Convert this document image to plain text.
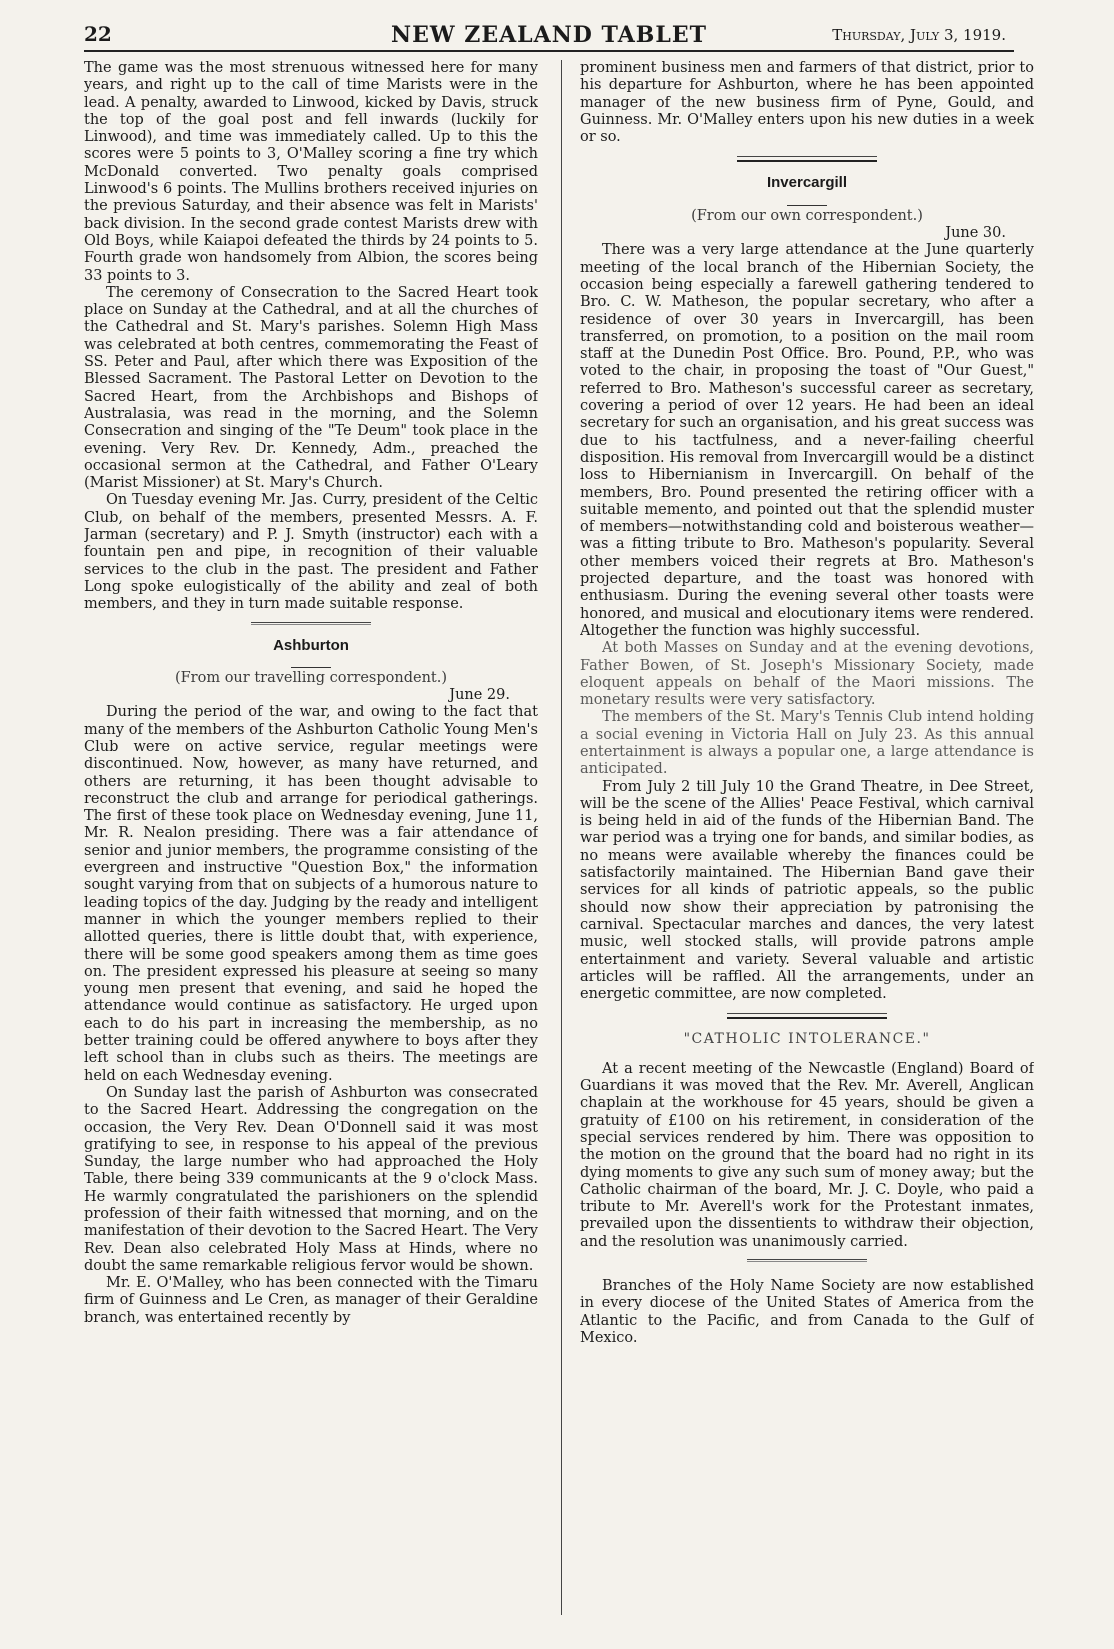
22	NEW ZEALAND TABLET	Thursday, July 3, 1919.

The game was the most strenuous witnessed here for many years, and right up to the call of time Marists were in the lead. A penalty, awarded to Linwood, kicked by Davis, struck the top of the goal post and fell inwards (luckily for Linwood), and time was immediately called. Up to this the scores were 5 points to 3, O'Malley scoring a fine try which McDonald converted. Two penalty goals comprised Linwood's 6 points. The Mullins brothers received injuries on the previous Saturday, and their absence was felt in Marists' back division. In the second grade contest Marists drew with Old Boys, while Kaiapoi defeated the thirds by 24 points to 5. Fourth grade won handsomely from Albion, the scores being 33 points to 3.

The ceremony of Consecration to the Sacred Heart took place on Sunday at the Cathedral, and at all the churches of the Cathedral and St. Mary's parishes. Solemn High Mass was celebrated at both centres, commemorating the Feast of SS. Peter and Paul, after which there was Exposition of the Blessed Sacrament. The Pastoral Letter on Devotion to the Sacred Heart, from the Archbishops and Bishops of Australasia, was read in the morning, and the Solemn Consecration and singing of the "Te Deum" took place in the evening. Very Rev. Dr. Kennedy, Adm., preached the occasional sermon at the Cathedral, and Father O'Leary (Marist Missioner) at St. Mary's Church.

On Tuesday evening Mr. Jas. Curry, president of the Celtic Club, on behalf of the members, presented Messrs. A. F. Jarman (secretary) and P. J. Smyth (instructor) each with a fountain pen and pipe, in recognition of their valuable services to the club in the past. The president and Father Long spoke eulogistically of the ability and zeal of both members, and they in turn made suitable response.

Ashburton
(From our travelling correspondent.)
June 29.

During the period of the war, and owing to the fact that many of the members of the Ashburton Catholic Young Men's Club were on active service, regular meetings were discontinued. Now, however, as many have returned, and others are returning, it has been thought advisable to reconstruct the club and arrange for periodical gatherings. The first of these took place on Wednesday evening, June 11, Mr. R. Nealon presiding. There was a fair attendance of senior and junior members, the programme consisting of the evergreen and instructive "Question Box," the information sought varying from that on subjects of a humorous nature to leading topics of the day. Judging by the ready and intelligent manner in which the younger members replied to their allotted queries, there is little doubt that, with experience, there will be some good speakers among them as time goes on. The president expressed his pleasure at seeing so many young men present that evening, and said he hoped the attendance would continue as satisfactory. He urged upon each to do his part in increasing the membership, as no better training could be offered anywhere to boys after they left school than in clubs such as theirs. The meetings are held on each Wednesday evening.

On Sunday last the parish of Ashburton was consecrated to the Sacred Heart. Addressing the congregation on the occasion, the Very Rev. Dean O'Donnell said it was most gratifying to see, in response to his appeal of the previous Sunday, the large number who had approached the Holy Table, there being 339 communicants at the 9 o'clock Mass. He warmly congratulated the parishioners on the splendid profession of their faith witnessed that morning, and on the manifestation of their devotion to the Sacred Heart. The Very Rev. Dean also celebrated Holy Mass at Hinds, where no doubt the same remarkable religious fervor would be shown.

Mr. E. O'Malley, who has been connected with the Timaru firm of Guinness and Le Cren, as manager of their Geraldine branch, was entertained recently by

prominent business men and farmers of that district, prior to his departure for Ashburton, where he has been appointed manager of the new business firm of Pyne, Gould, and Guinness. Mr. O'Malley enters upon his new duties in a week or so.

Invercargill
(From our own correspondent.)
June 30.

There was a very large attendance at the June quarterly meeting of the local branch of the Hibernian Society, the occasion being especially a farewell gathering tendered to Bro. C. W. Matheson, the popular secretary, who after a residence of over 30 years in Invercargill, has been transferred, on promotion, to a position on the mail room staff at the Dunedin Post Office. Bro. Pound, P.P., who was voted to the chair, in proposing the toast of "Our Guest," referred to Bro. Matheson's successful career as secretary, covering a period of over 12 years. He had been an ideal secretary for such an organisation, and his great success was due to his tactfulness, and a never-failing cheerful disposition. His removal from Invercargill would be a distinct loss to Hibernianism in Invercargill. On behalf of the members, Bro. Pound presented the retiring officer with a suitable memento, and pointed out that the splendid muster of members—notwithstanding cold and boisterous weather—was a fitting tribute to Bro. Matheson's popularity. Several other members voiced their regrets at Bro. Matheson's projected departure, and the toast was honored with enthusiasm. During the evening several other toasts were honored, and musical and elocutionary items were rendered. Altogether the function was highly successful.

At both Masses on Sunday and at the evening devotions, Father Bowen, of St. Joseph's Missionary Society, made eloquent appeals on behalf of the Maori missions. The monetary results were very satisfactory.

The members of the St. Mary's Tennis Club intend holding a social evening in Victoria Hall on July 23. As this annual entertainment is always a popular one, a large attendance is anticipated.

From July 2 till July 10 the Grand Theatre, in Dee Street, will be the scene of the Allies' Peace Festival, which carnival is being held in aid of the funds of the Hibernian Band. The war period was a trying one for bands, and similar bodies, as no means were available whereby the finances could be satisfactorily maintained. The Hibernian Band gave their services for all kinds of patriotic appeals, so the public should now show their appreciation by patronising the carnival. Spectacular marches and dances, the very latest music, well stocked stalls, will provide patrons ample entertainment and variety. Several valuable and artistic articles will be raffled. All the arrangements, under an energetic committee, are now completed.

"CATHOLIC INTOLERANCE."

At a recent meeting of the Newcastle (England) Board of Guardians it was moved that the Rev. Mr. Averell, Anglican chaplain at the workhouse for 45 years, should be given a gratuity of £100 on his retirement, in consideration of the special services rendered by him. There was opposition to the motion on the ground that the board had no right in its dying moments to give any such sum of money away; but the Catholic chairman of the board, Mr. J. C. Doyle, who paid a tribute to Mr. Averell's work for the Protestant inmates, prevailed upon the dissentients to withdraw their objection, and the resolution was unanimously carried.

Branches of the Holy Name Society are now established in every diocese of the United States of America from the Atlantic to the Pacific, and from Canada to the Gulf of Mexico.
